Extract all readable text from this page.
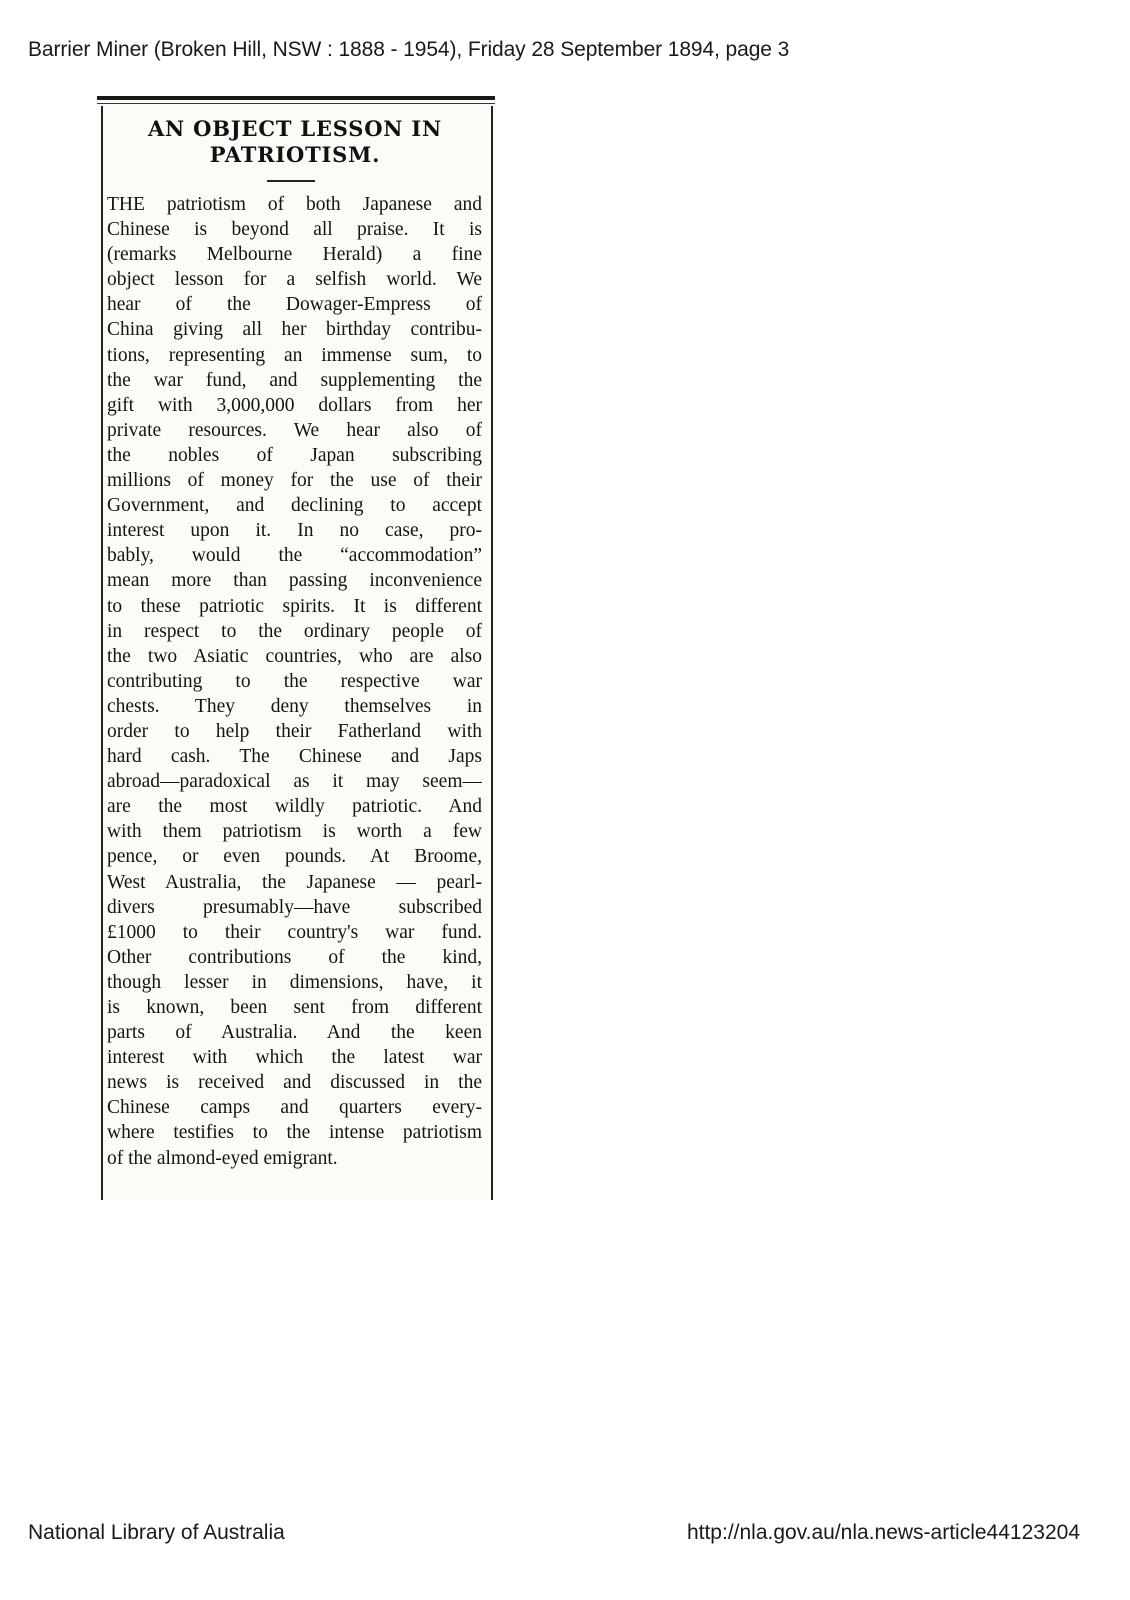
Barrier Miner (Broken Hill, NSW : 1888 - 1954), Friday 28 September 1894, page 3
AN OBJECT LESSON IN
PATRIOTISM.
THE patriotism of both Japanese and
Chinese is beyond all praise. It is
(remarks Melbourne Herald) a fine
object lesson for a selfish world. We
hear of the Dowager-Empress of
China giving all her birthday contribu-
tions, representing an immense sum, to
the war fund, and supplementing the
gift with 3,000,000 dollars from her
private resources. We hear also of
the nobles of Japan subscribing
millions of money for the use of their
Government, and declining to accept
interest upon it. In no case, pro-
bably, would the “accommodation”
mean more than passing inconvenience
to these patriotic spirits. It is different
in respect to the ordinary people of
the two Asiatic countries, who are also
contributing to the respective war
chests. They deny themselves in
order to help their Fatherland with
hard cash. The Chinese and Japs
abroad—paradoxical as it may seem—
are the most wildly patriotic. And
with them patriotism is worth a few
pence, or even pounds. At Broome,
West Australia, the Japanese — pearl-
divers presumably—have subscribed
£1000 to their country's war fund.
Other contributions of the kind,
though lesser in dimensions, have, it
is known, been sent from different
parts of Australia. And the keen
interest with which the latest war
news is received and discussed in the
Chinese camps and quarters every-
where testifies to the intense patriotism
of the almond-eyed emigrant.
National Library of Australia	http://nla.gov.au/nla.news-article44123204
